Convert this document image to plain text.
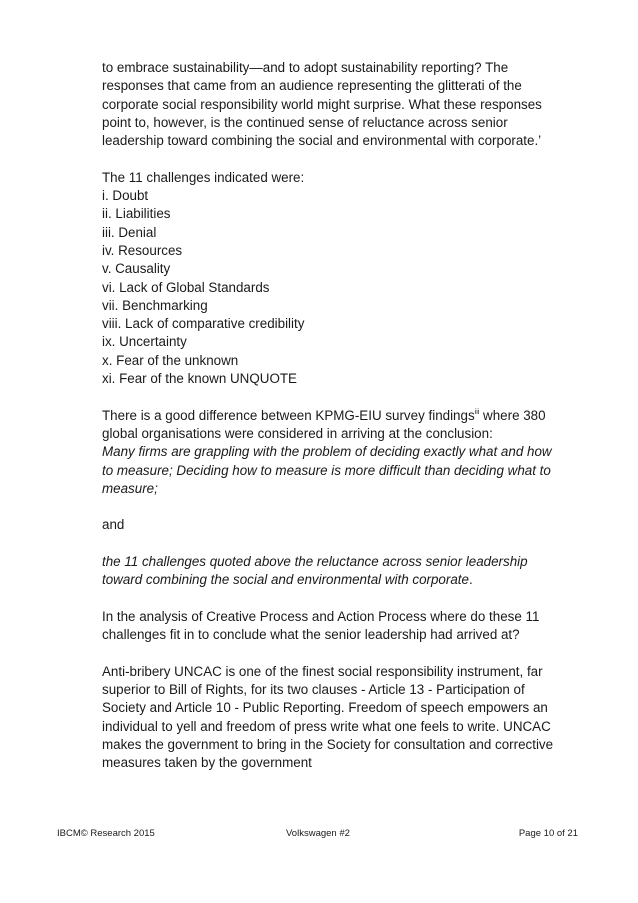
to embrace sustainability—and to adopt sustainability reporting? The responses that came from an audience representing the glitterati of the corporate social responsibility world might surprise. What these responses point to, however, is the continued sense of reluctance across senior leadership toward combining the social and environmental with corporate.’

The 11 challenges indicated were:

i. Doubt

ii. Liabilities

iii. Denial

iv. Resources

v. Causality

vi. Lack of Global Standards

vii. Benchmarking

viii. Lack of comparative credibility

ix. Uncertainty

x. Fear of the unknown

xi. Fear of the known UNQUOTE

There is a good difference between KPMG-EIU survey findings$^{iii}$ where 380 global organisations were considered in arriving at the conclusion:

Many firms are grappling with the problem of deciding exactly what and how to measure; Deciding how to measure is more difficult than deciding what to measure;

and

the 11 challenges quoted above the reluctance across senior leadership toward combining the social and environmental with corporate.

In the analysis of Creative Process and Action Process where do these 11 challenges fit in to conclude what the senior leadership had arrived at?

Anti-bribery UNCAC is one of the finest social responsibility instrument, far superior to Bill of Rights, for its two clauses - Article 13 - Participation of Society and Article 10 - Public Reporting. Freedom of speech empowers an individual to yell and freedom of press write what one feels to write. UNCAC makes the government to bring in the Society for consultation and corrective measures taken by the government

IBCM© Research 2015	Volkswagen #2	Page 10 of 21
